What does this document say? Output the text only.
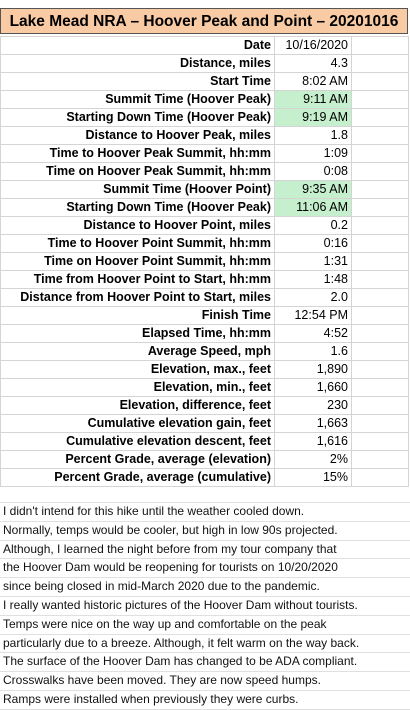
Lake Mead NRA – Hoover Peak and Point – 20201016
Date	10/16/2020	
Distance, miles	4.3	
Start Time	8:02 AM	
Summit Time (Hoover Peak)	9:11 AM	
Starting Down Time (Hoover Peak)	9:19 AM	
Distance to Hoover Peak, miles	1.8	
Time to Hoover Peak Summit, hh:mm	1:09	
Time on Hoover Peak Summit, hh:mm	0:08	
Summit Time (Hoover Point)	9:35 AM	
Starting Down Time (Hoover Peak)	11:06 AM	
Distance to Hoover Point, miles	0.2	
Time to Hoover Point Summit, hh:mm	0:16	
Time on Hoover Point Summit, hh:mm	1:31	
Time from Hoover Point to Start, hh:mm	1:48	
Distance from Hoover Point to Start, miles	2.0	
Finish Time	12:54 PM	
Elapsed Time, hh:mm	4:52	
Average Speed, mph	1.6	
Elevation, max., feet	1,890	
Elevation, min., feet	1,660	
Elevation, difference, feet	230	
Cumulative elevation gain, feet	1,663	
Cumulative elevation descent, feet	1,616	
Percent Grade, average (elevation)	2%	
Percent Grade, average (cumulative)	15%	
I didn't intend for this hike until the weather cooled down.
Normally, temps would be cooler, but high in low 90s projected.
Although, I learned the night before from my tour company that
the Hoover Dam would be reopening for tourists on 10/20/2020
since being closed in mid-March 2020 due to the pandemic.
I really wanted historic pictures of the Hoover Dam without tourists.
Temps were nice on the way up and comfortable on the peak
particularly due to a breeze. Although, it felt warm on the way back.
The surface of the Hoover Dam has changed to be ADA compliant.
Crosswalks have been moved. They are now speed humps.
Ramps were installed when previously they were curbs.
